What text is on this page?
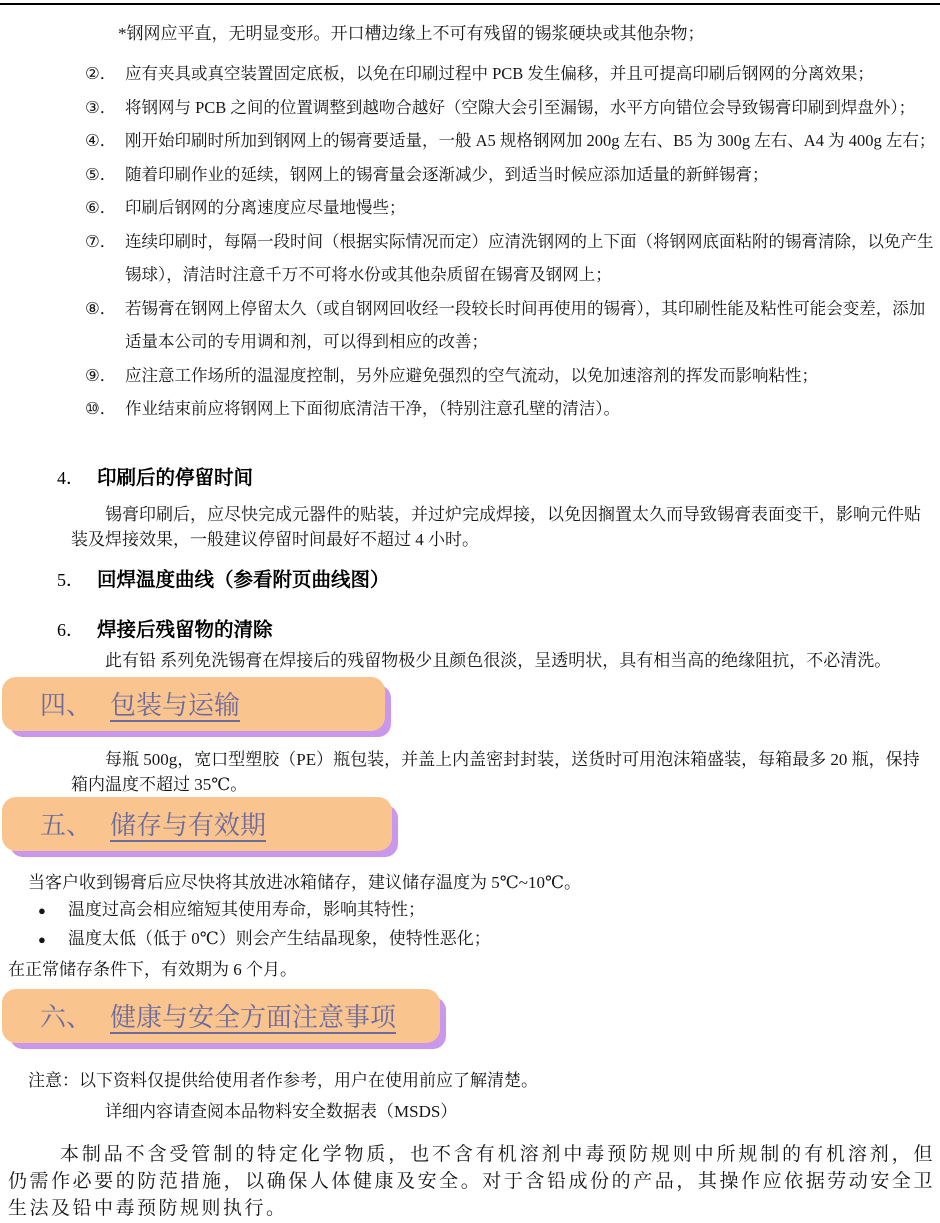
*钢网应平直，无明显变形。开口槽边缘上不可有残留的锡浆硬块或其他杂物；
②． 应有夹具或真空装置固定底板，以免在印刷过程中 PCB 发生偏移，并且可提高印刷后钢网的分离效果；
③． 将钢网与 PCB 之间的位置调整到越吻合越好（空隙大会引至漏锡，水平方向错位会导致锡膏印刷到焊盘外）；
④． 刚开始印刷时所加到钢网上的锡膏要适量，一般 A5 规格钢网加 200g 左右、B5 为 300g 左右、A4 为 400g 左右；
⑤． 随着印刷作业的延续，钢网上的锡膏量会逐渐减少，到适当时候应添加适量的新鲜锡膏；
⑥． 印刷后钢网的分离速度应尽量地慢些；
⑦． 连续印刷时，每隔一段时间（根据实际情况而定）应清洗钢网的上下面（将钢网底面粘附的锡膏清除，以免产生锡球），清洁时注意千万不可将水份或其他杂质留在锡膏及钢网上；
⑧． 若锡膏在钢网上停留太久（或自钢网回收经一段较长时间再使用的锡膏），其印刷性能及粘性可能会变差，添加适量本公司的专用调和剂，可以得到相应的改善；
⑨． 应注意工作场所的温湿度控制，另外应避免强烈的空气流动，以免加速溶剂的挥发而影响粘性；
⑩． 作业结束前应将钢网上下面彻底清洁干净，（特别注意孔壁的清洁）。
4． 印刷后的停留时间
锡膏印刷后，应尽快完成元器件的贴装，并过炉完成焊接，以免因搁置太久而导致锡膏表面变干，影响元件贴装及焊接效果，一般建议停留时间最好不超过 4 小时。
5． 回焊温度曲线（参看附页曲线图）
6． 焊接后残留物的清除
此有铅 系列免洗锡膏在焊接后的残留物极少且颜色很淡，呈透明状，具有相当高的绝缘阻抗，不必清洗。
四、 包装与运输
每瓶 500g，宽口型塑胶（PE）瓶包装，并盖上内盖密封封装，送货时可用泡沫箱盛装，每箱最多 20 瓶，保持箱内温度不超过 35℃。
五、 储存与有效期
当客户收到锡膏后应尽快将其放进冰箱储存，建议储存温度为 5℃~10℃。
●	温度过高会相应缩短其使用寿命，影响其特性；
●	温度太低（低于 0℃）则会产生结晶现象，使特性恶化；
在正常储存条件下，有效期为 6 个月。
六、 健康与安全方面注意事项
注意：以下资料仅提供给使用者作参考，用户在使用前应了解清楚。
详细内容请查阅本品物料安全数据表（MSDS）
本制品不含受管制的特定化学物质，也不含有机溶剂中毒预防规则中所规制的有机溶剂，但仍需作必要的防范措施，以确保人体健康及安全。对于含铅成份的产品，其操作应依据劳动安全卫生法及铅中毒预防规则执行。
